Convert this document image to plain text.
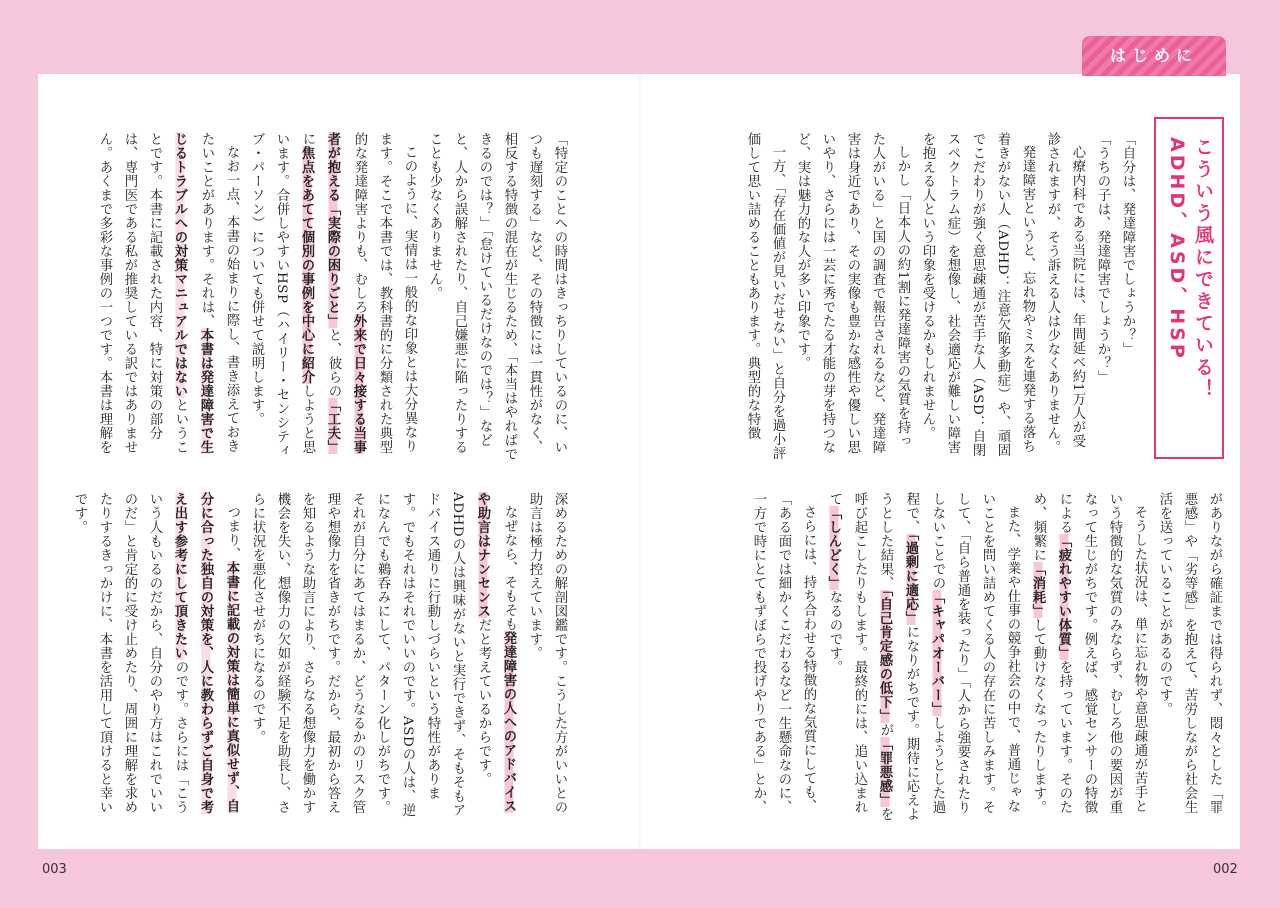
はじめに
こういう風にできている！
ADHD、ASD、HSP

「自分は、発達障害でしょうか？」

「うちの子は、発達障害でしょうか？」

心療内科である当院には、年間延べ約1万人が受診されますが、そう訴える人は少なくありません。

発達障害というと、忘れ物やミスを連発する落ち着きがない人（ADHD：注意欠陥多動症）や、頑固でこだわりが強く意思疎通が苦手な人（ASD：自閉スペクトラム症）を想像し、社会適応が難しい障害を抱える人という印象を受けるかもしれません。

しかし「日本人の約1割に発達障害の気質を持った人がいる」と国の調査で報告されるなど、発達障害は身近であり、その実像も豊かな感性や優しい思いやり、さらには一芸に秀でたる才能の芽を持つなど、実は魅力的な人が多い印象です。

一方、「存在価値が見いだせない」と自分を過小評価して思い詰めることもあります。典型的な特徴

がありながら確証までは得られず、悶々とした「罪悪感」や「劣等感」を抱えて、苦労しながら社会生活を送っていることがあるのです。

そうした状況は、単に忘れ物や意思疎通が苦手という特徴的な気質のみならず、むしろ他の要因が重なって生じがちです。例えば、感覚センサーの特徴による「疲れやすい体質」を持っています。そのため、頻繁に「消耗」して動けなくなったりします。

また、学業や仕事の競争社会の中で、普通じゃないことを問い詰めてくる人の存在に苦しみます。そして、「自ら普通を装ったり」「人から強要されたりしないことでの「キャパオーバー」しようとした過程で、「過剰に適応」になりがちです。期待に応えようとした結果、「自己肯定感の低下」が「罪悪感」を呼び起こしたりもします。最終的には、追い込まれて「しんどく」なるのです。

さらには、持ち合わせる特徴的な気質にしても、「ある面では細かくこだわるなど一生懸命なのに、一方で時にとてもずぼらで投げやりである」とか、

「特定のことへの時間はきっちりしているのに、いつも遅刻する」など、その特徴には一貫性がなく、相反する特徴の混在が生じるため、「本当はやればできるのでは？」「怠けているだけなのでは？」などと、人から誤解されたり、自己嫌悪に陥ったりすることも少なくありません。

このように、実情は一般的な印象とは大分異なります。そこで本書では、教科書的に分類された典型的な発達障害よりも、むしろ外来で日々接する当事者が抱える「実際の困りごと」と、彼らの「工夫」に焦点をあてて個別の事例を中心に紹介しようと思います。合併しやすいHSP（ハイリー・センシティブ・パーソン）についても併せて説明します。

なお一点、本書の始まりに際し、書き添えておきたいことがあります。それは、本書は発達障害で生じるトラブルへの対策マニュアルではないということです。本書に記載された内容、特に対策の部分は、専門医である私が推奨している訳ではありません。あくまで多彩な事例の一つです。本書は理解を

深めるための解剖図鑑です。こうした方がいいとの助言は極力控えています。

なぜなら、そもそも発達障害の人へのアドバイスや助言はナンセンスだと考えているからです。ADHDの人は興味がないと実行できず、そもそもアドバイス通りに行動しづらいという特性があります。でもそれはそれでいいのです。ASDの人は、逆になんでも鵜呑みにして、パターン化しがちです。それが自分にあてはまるか、どうなるかのリスク管理や想像力を省きがちです。だから、最初から答えを知るような助言により、さらなる想像力を働かす機会を失い、想像力の欠如が経験不足を助長し、さらに状況を悪化させがちになるのです。

つまり、本書に記載の対策は簡単に真似せず、自分に合った独自の対策を、人に教わらずご自身で考え出す参考にして頂きたいのです。さらには「こういう人もいるのだから、自分のやり方はこれでいいのだ」と肯定的に受け止めたり、周囲に理解を求めたりするきっかけに、本書を活用して頂けると幸いです。

003	002
